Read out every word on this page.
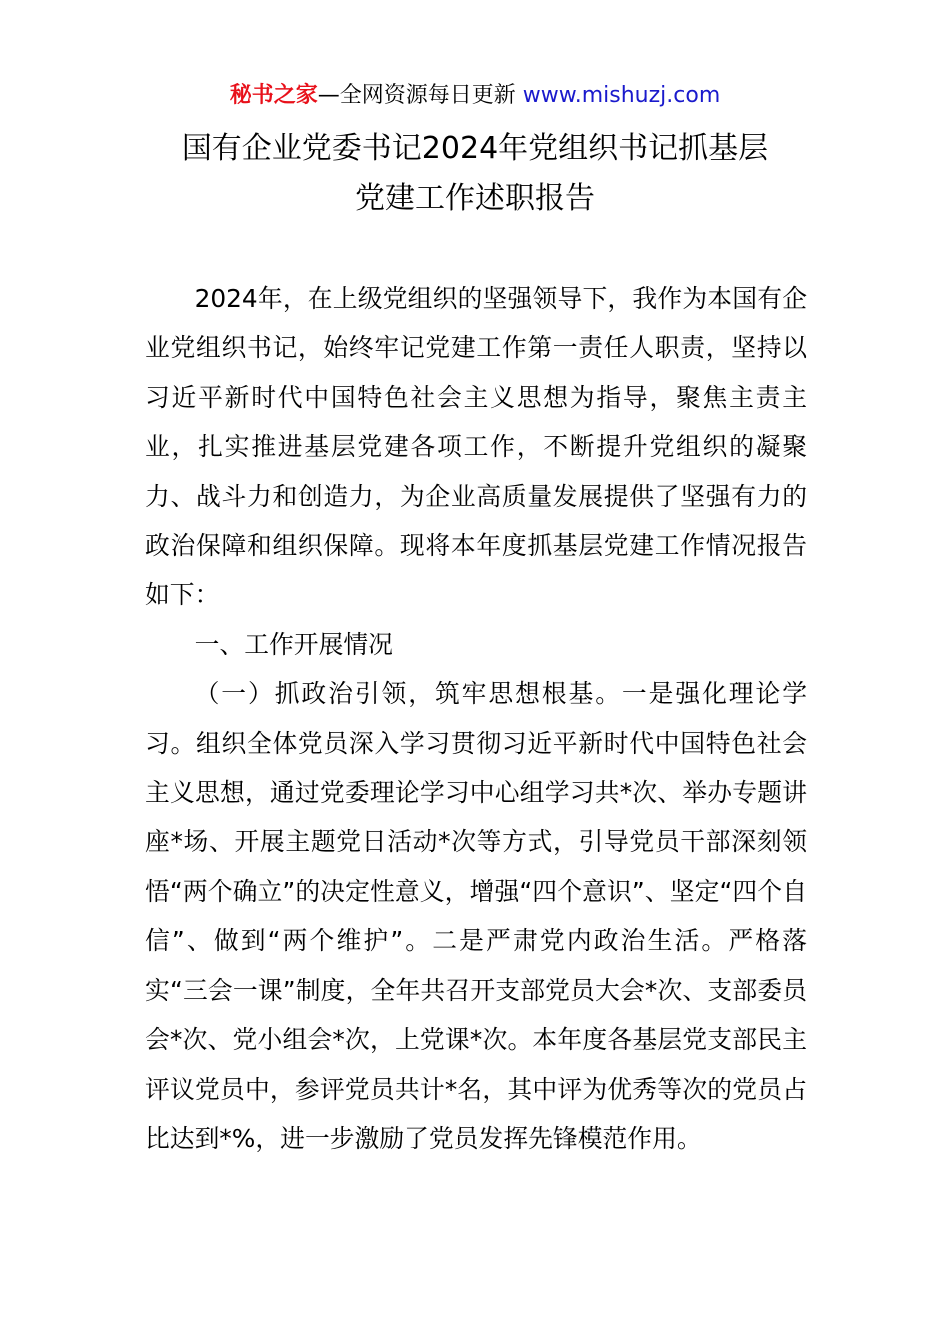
秘书之家—全网资源每日更新 www.mishuzj.com
国有企业党委书记2024年党组织书记抓基层
党建工作述职报告

2024年，在上级党组织的坚强领导下，我作为本国有企业党组织书记，始终牢记党建工作第一责任人职责，坚持以习近平新时代中国特色社会主义思想为指导，聚焦主责主业，扎实推进基层党建各项工作，不断提升党组织的凝聚力、战斗力和创造力，为企业高质量发展提供了坚强有力的政治保障和组织保障。现将本年度抓基层党建工作情况报告如下：

一、工作开展情况

（一）抓政治引领，筑牢思想根基。一是强化理论学习。组织全体党员深入学习贯彻习近平新时代中国特色社会主义思想，通过党委理论学习中心组学习共*次、举办专题讲座*场、开展主题党日活动*次等方式，引导党员干部深刻领悟“两个确立”的决定性意义，增强“四个意识”、坚定“四个自信”、做到“两个维护”。二是严肃党内政治生活。严格落实“三会一课”制度，全年共召开支部党员大会*次、支部委员会*次、党小组会*次，上党课*次。本年度各基层党支部民主评议党员中，参评党员共计*名，其中评为优秀等次的党员占比达到*%，进一步激励了党员发挥先锋模范作用。
